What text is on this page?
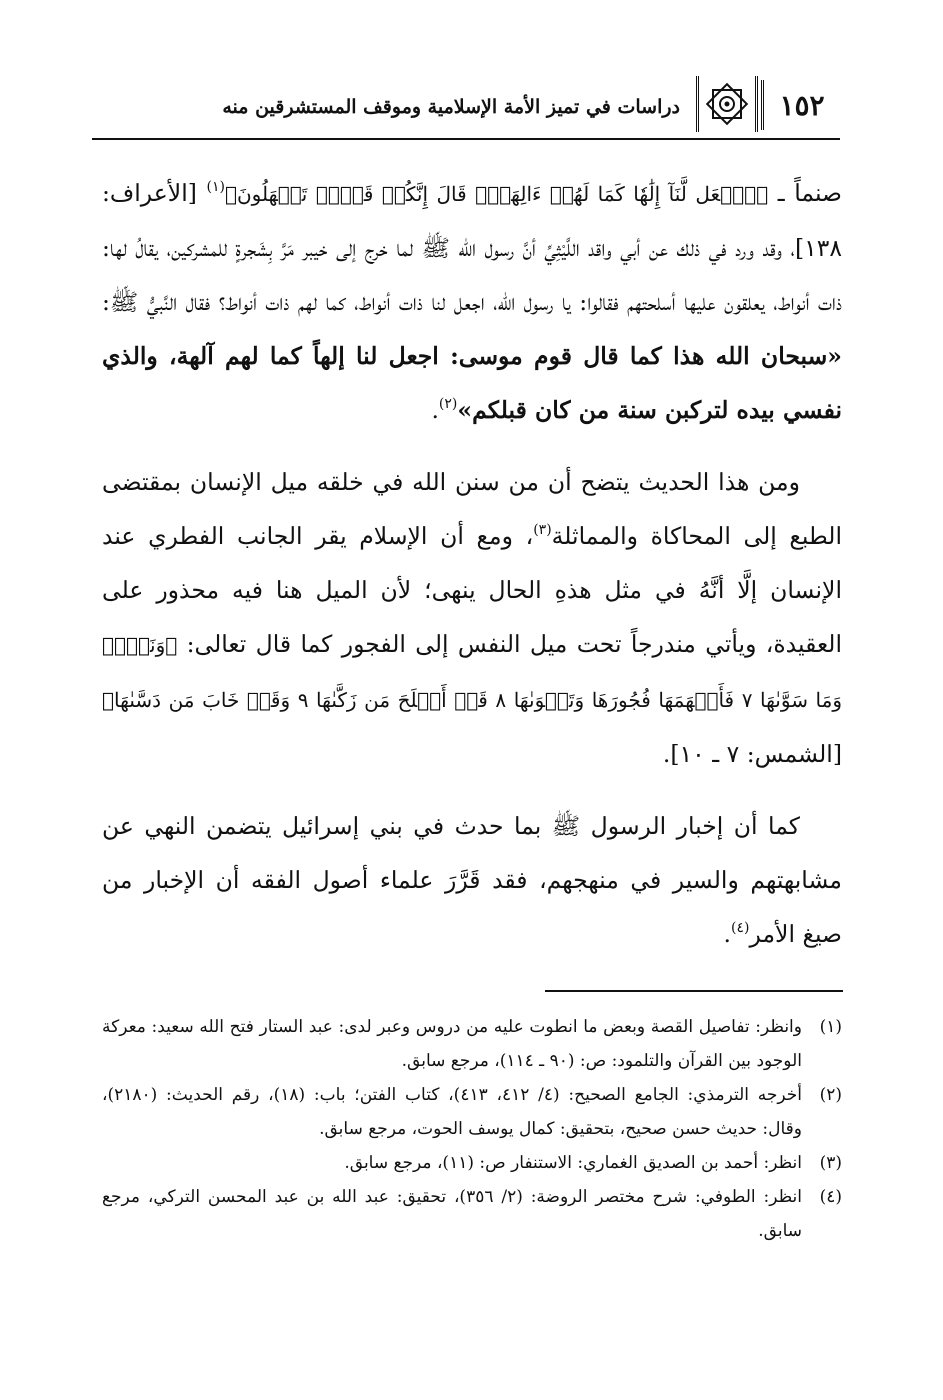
١٥٢
دراسات في تميز الأمة الإسلامية وموقف المستشرقين منه

صنماً ـ ﴿ٱجۡعَل لَّنَآ إِلَٰهٗا كَمَا لَهُمۡ ءَالِهَةٞۚ قَالَ إِنَّكُمۡ قَوۡمٞ تَجۡهَلُونَ﴾$^{(١)}$ [الأعراف: ١٣٨]، وقد ورد في ذلك عن أبي واقد اللَّيْثِيِّ أنَّ رسول الله ﷺ لما خرج إلى خيبر مَرَّ بِشَجرةٍ للمشركين، يقالُ لها: ذات أنواط، يعلقون عليها أسلحتهم فقالوا: يا رسول الله، اجعل لنا ذات أنواط، كما لهم ذات أنواط؟ فقال النَّبيُّ ﷺ: «سبحان الله هذا كما قال قوم موسى: اجعل لنا إلهاً كما لهم آلهة، والذي نفسي بيده لتركبن سنة من كان قبلكم»$^{(٢)}$.

ومن هذا الحديث يتضح أن من سنن الله في خلقه ميل الإنسان بمقتضى الطبع إلى المحاكاة والمماثلة$^{(٣)}$، ومع أن الإسلام يقر الجانب الفطري عند الإنسان إلَّا أنَّهُ في مثل هذهِ الحال ينهى؛ لأن الميل هنا فيه محذور على العقيدة، ويأتي مندرجاً تحت ميل النفس إلى الفجور كما قال تعالى: ﴿وَنَفۡسٖ وَمَا سَوَّىٰهَا ٧ فَأَلۡهَمَهَا فُجُورَهَا وَتَقۡوَىٰهَا ٨ قَدۡ أَفۡلَحَ مَن زَكَّىٰهَا ٩ وَقَدۡ خَابَ مَن دَسَّىٰهَا﴾ [الشمس: ٧ ـ ١٠].

كما أن إخبار الرسول ﷺ بما حدث في بني إسرائيل يتضمن النهي عن مشابهتهم والسير في منهجهم، فقد قَرَّرَ علماء أصول الفقه أن الإخبار من صيغ الأمر$^{(٤)}$.

(١)
وانظر: تفاصيل القصة وبعض ما انطوت عليه من دروس وعبر لدى: عبد الستار فتح الله سعيد: معركة الوجود بين القرآن والتلمود: ص: (٩٠ ـ ١١٤)، مرجع سابق.
(٢)
أخرجه الترمذي: الجامع الصحيح: (٤/ ٤١٢، ٤١٣)، كتاب الفتن؛ باب: (١٨)، رقم الحديث: (٢١٨٠)، وقال: حديث حسن صحيح، بتحقيق: كمال يوسف الحوت، مرجع سابق.
(٣)
انظر: أحمد بن الصديق الغماري: الاستنفار ص: (١١)، مرجع سابق.
(٤)
انظر: الطوفي: شرح مختصر الروضة: (٢/ ٣٥٦)، تحقيق: عبد الله بن عبد المحسن التركي، مرجع سابق.
